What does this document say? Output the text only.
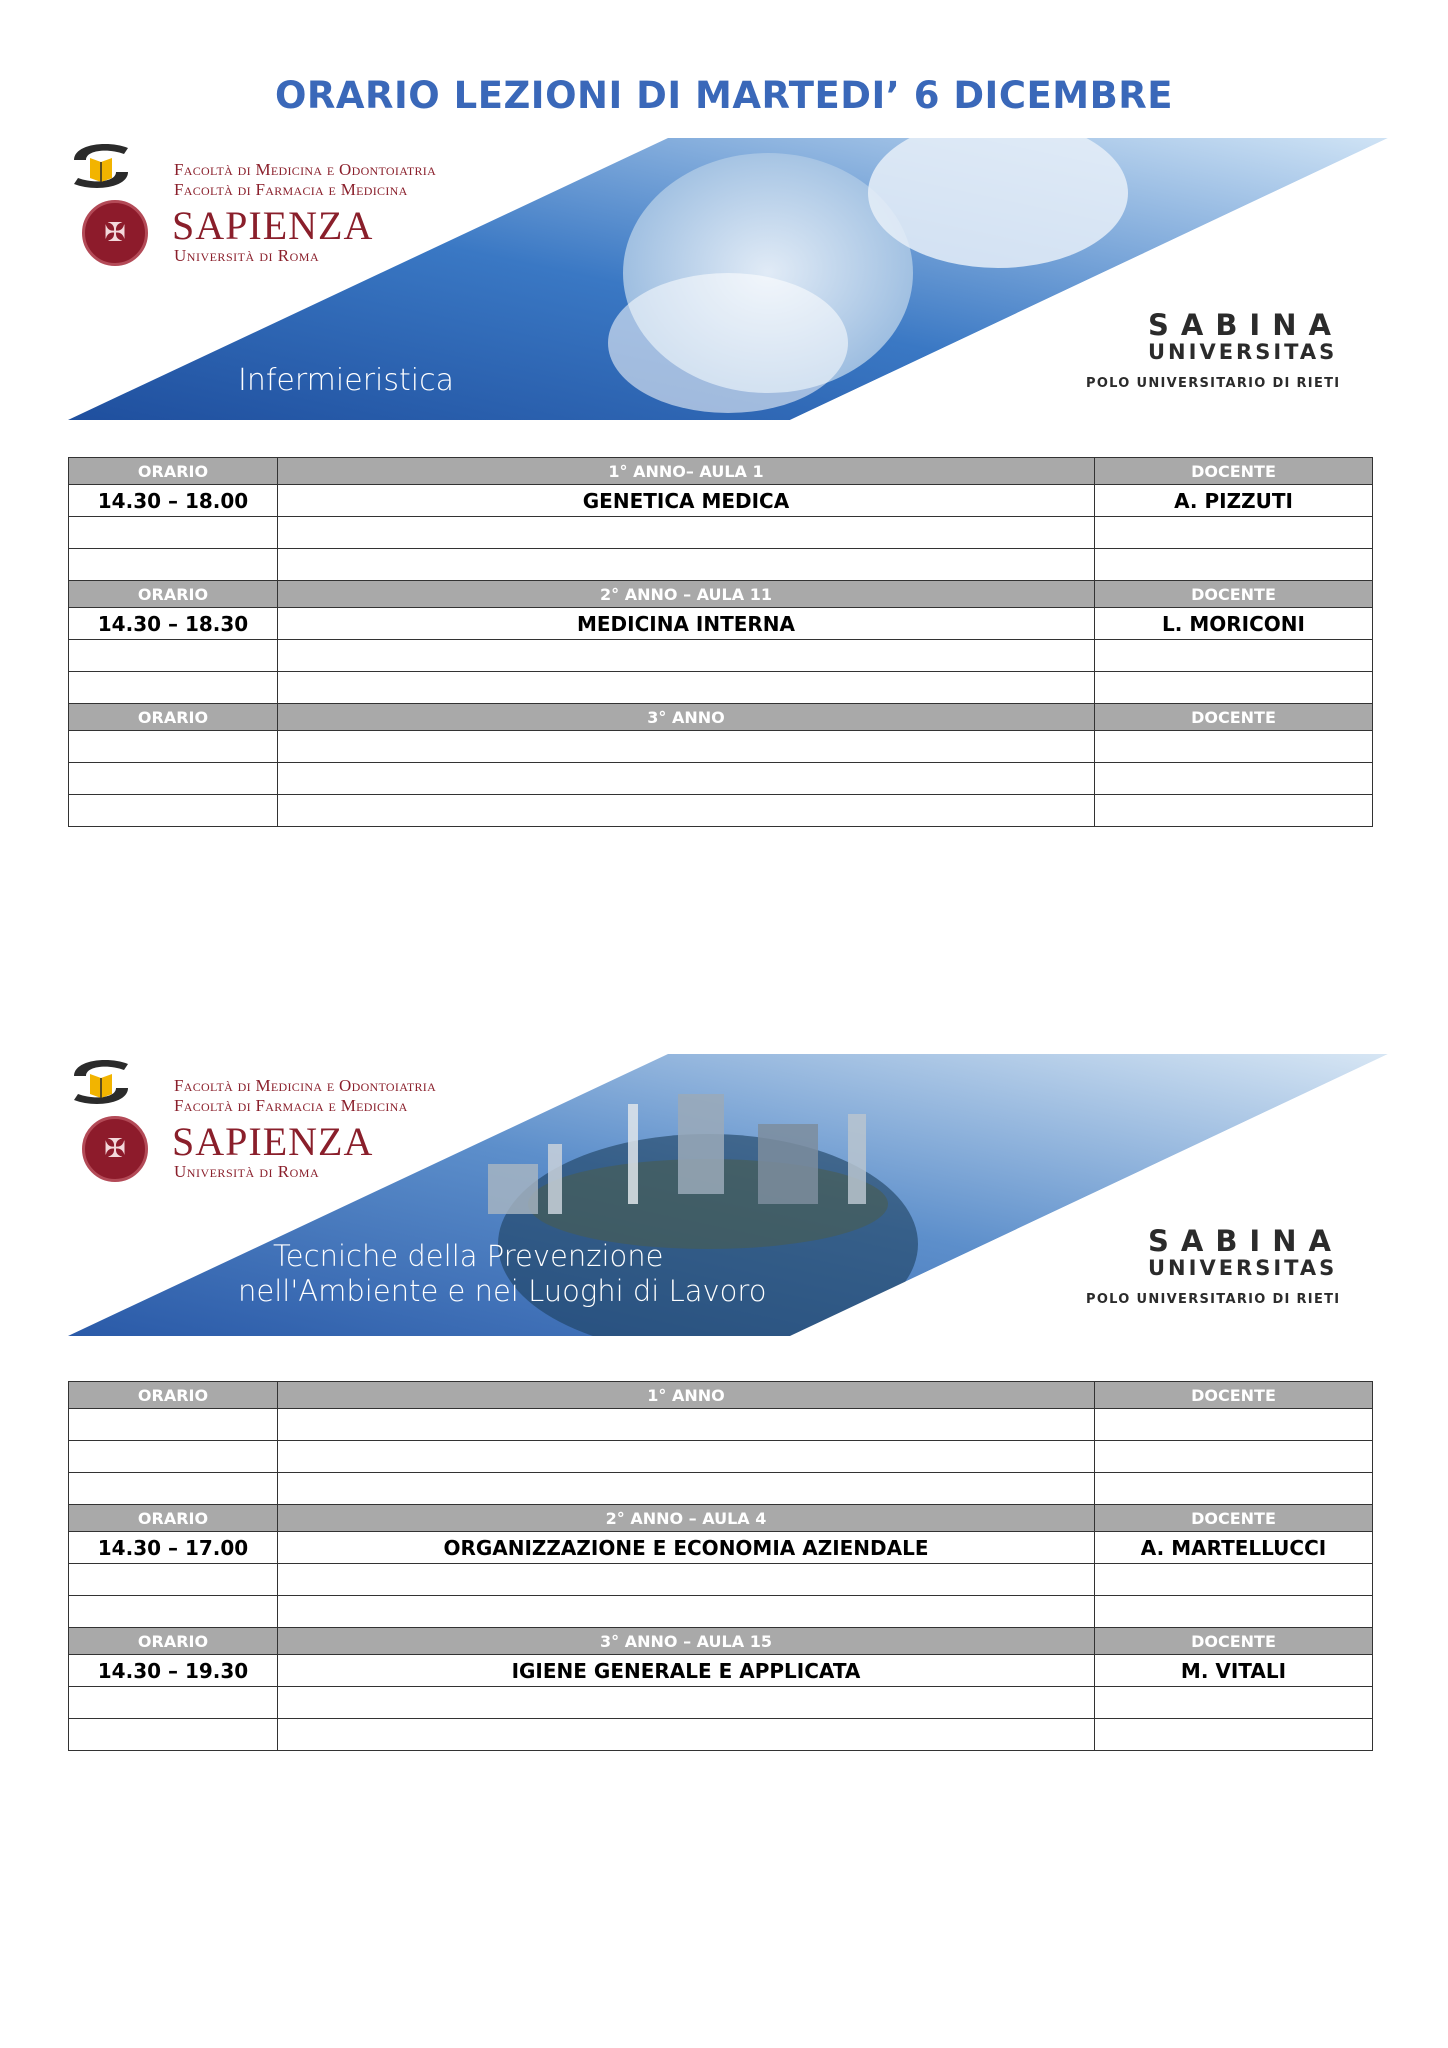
ORARIO LEZIONI DI MARTEDI’ 6 DICEMBRE
Facoltà di Medicina e Odontoiatria
Facoltà di Farmacia e Medicina
✠	SAPIENZA
Università di Roma
Infermieristica
SABINA
UNIVERSITAS
POLO UNIVERSITARIO DI RIETI
ORARIO	1° ANNO– AULA 1	DOCENTE
14.30 – 18.00	GENETICA MEDICA	A. PIZZUTI

ORARIO	2° ANNO – AULA 11	DOCENTE
14.30 – 18.30	MEDICINA INTERNA	L. MORICONI

ORARIO	3° ANNO	DOCENTE

Facoltà di Medicina e Odontoiatria
Facoltà di Farmacia e Medicina
✠	SAPIENZA
Università di Roma
Tecniche della Prevenzione
nell'Ambiente e nei Luoghi di Lavoro
SABINA
UNIVERSITAS
POLO UNIVERSITARIO DI RIETI
ORARIO	1° ANNO	DOCENTE

ORARIO	2° ANNO – AULA 4	DOCENTE
14.30 – 17.00	ORGANIZZAZIONE E ECONOMIA AZIENDALE	A. MARTELLUCCI

ORARIO	3° ANNO – AULA 15	DOCENTE
14.30 – 19.30	IGIENE GENERALE E APPLICATA	M. VITALI
